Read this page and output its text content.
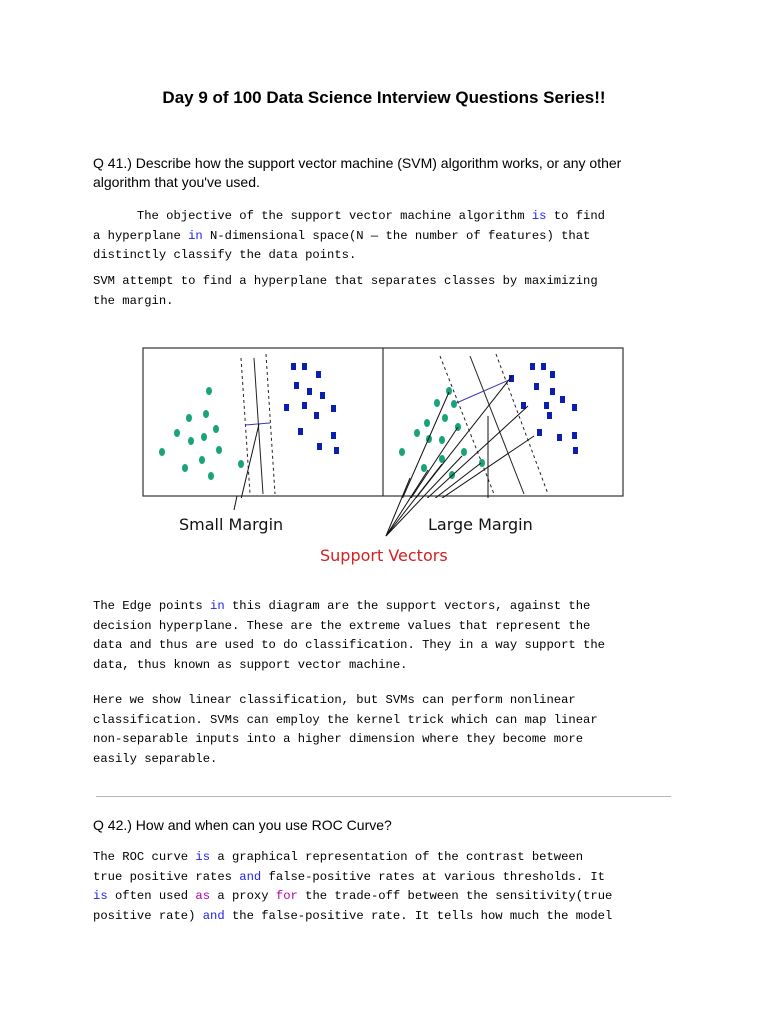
Day 9 of 100 Data Science Interview Questions Series!!
Q 41.) Describe how the support vector machine (SVM) algorithm works, or any other
algorithm that you've used.
The objective of the support vector machine algorithm is to find
a hyperplane in N-dimensional space(N — the number of features) that
distinctly classify the data points.
SVM attempt to find a hyperplane that separates classes by maximizing
the margin.
Small Margin	Large Margin
Support Vectors
The Edge points in this diagram are the support vectors, against the
decision hyperplane. These are the extreme values that represent the
data and thus are used to do classification. They in a way support the
data, thus known as support vector machine.
Here we show linear classification, but SVMs can perform nonlinear
classification. SVMs can employ the kernel trick which can map linear
non-separable inputs into a higher dimension where they become more
easily separable.
Q 42.) How and when can you use ROC Curve?
The ROC curve is a graphical representation of the contrast between
true positive rates and false-positive rates at various thresholds. It
is often used as a proxy for the trade-off between the sensitivity(true
positive rate) and the false-positive rate. It tells how much the model
